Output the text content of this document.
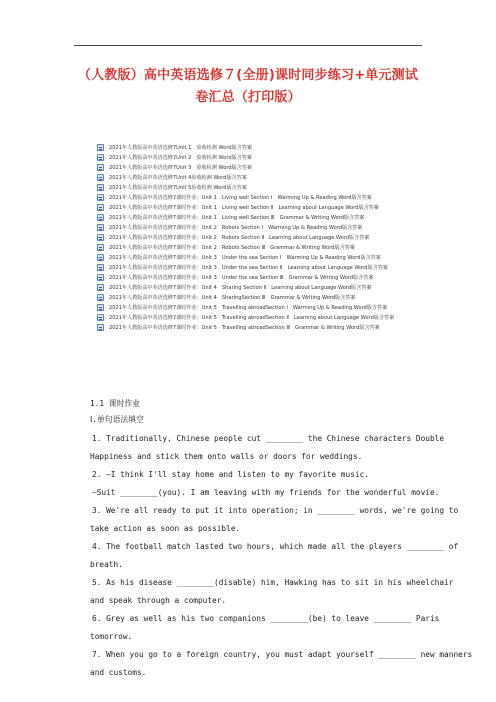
（人教版）高中英语选修７(全册)课时同步练习+单元测试
卷汇总（打印版）
2021年人教版高中英语选修7Unit 1　验收检测 Word版含答案
2021年人教版高中英语选修7Unit 2　验收检测 Word版含答案
2021年人教版高中英语选修7Unit 3　验收检测 Word版含答案
2021年人教版高中英语选修7Unit 4验收检测 Word版含答案
2021年人教版高中英语选修7Unit 5验收检测 Word版含答案
2021年人教版高中英语选修7课时作业：Unit 1　Living well Section Ⅰ　Warming Up & Reading Word版含答案
2021年人教版高中英语选修7课时作业：Unit 1　Living well Section Ⅱ　Learning about Language Word版含答案
2021年人教版高中英语选修7课时作业：Unit 1　Living well Section Ⅲ　Grammar & Writing Word版含答案
2021年人教版高中英语选修7课时作业：Unit 2　Robots Section Ⅰ　Warming Up & Reading Word版含答案
2021年人教版高中英语选修7课时作业：Unit 2　Robots Section Ⅱ　Learning about Language Word版含答案
2021年人教版高中英语选修7课时作业：Unit 2　Robots Section Ⅲ　Grammar & Writing Word版含答案
2021年人教版高中英语选修7课时作业：Unit 3　Under the sea Section Ⅰ　Warming Up & Reading Word版含答案
2021年人教版高中英语选修7课时作业：Unit 3　Under the sea Section Ⅱ　Learning about Language Word版含答案
2021年人教版高中英语选修7课时作业：Unit 3　Under the sea Section Ⅲ　Grammar & Writing Word版含答案
2021年人教版高中英语选修7课时作业：Unit 4　Sharing Section Ⅱ　Learning about Language Word版含答案
2021年人教版高中英语选修7课时作业：Unit 4　SharingSection Ⅲ　Grammar & Writing Word版含答案
2021年人教版高中英语选修7课时作业：Unit 5　Travelling abroadSection Ⅰ　Warming Up & Reading Word版含答案
2021年人教版高中英语选修7课时作业：Unit 5　Travelling abroadSection Ⅱ　Learning about Language Word版含答案
2021年人教版高中英语选修7课时作业：Unit 5　Travelling abroadSection Ⅲ　Grammar & Writing Word版含答案
1.1 课时作业
Ⅰ.单句语法填空
1. Traditionally, Chinese people cut ________ the Chinese characters Double
Happiness and stick them onto walls or doors for weddings.
2. —I think I'll stay home and listen to my favorite music.
—Suit ________(you). I am leaving with my friends for the wonderful movie.
3. We're all ready to put it into operation; in ________ words, we're going to
take action as soon as possible.
4. The football match lasted two hours, which made all the players ________ of
breath.
5. As his disease ________(disable) him, Hawking has to sit in his wheelchair
and speak through a computer.
6. Grey as well as his two companions ________(be) to leave ________ Paris
tomorrow.
7. When you go to a foreign country, you must adapt yourself ________ new manners
and customs.
